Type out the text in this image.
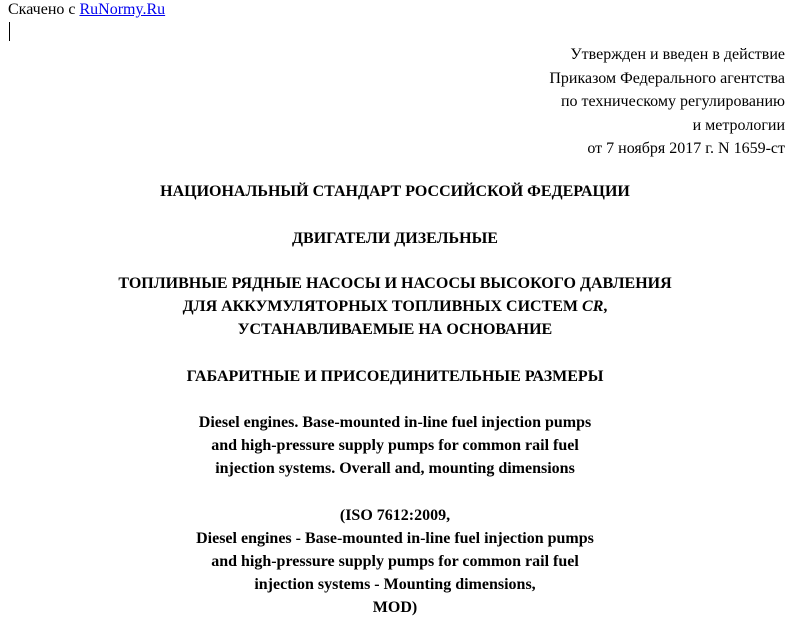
Скачено с RuNormy.Ru
Утвержден и введен в действие
Приказом Федерального агентства
по техническому регулированию
и метрологии
от 7 ноября 2017 г. N 1659-ст
НАЦИОНАЛЬНЫЙ СТАНДАРТ РОССИЙСКОЙ ФЕДЕРАЦИИ
ДВИГАТЕЛИ ДИЗЕЛЬНЫЕ
ТОПЛИВНЫЕ РЯДНЫЕ НАСОСЫ И НАСОСЫ ВЫСОКОГО ДАВЛЕНИЯ
ДЛЯ АККУМУЛЯТОРНЫХ ТОПЛИВНЫХ СИСТЕМ CR,
УСТАНАВЛИВАЕМЫЕ НА ОСНОВАНИЕ
ГАБАРИТНЫЕ И ПРИСОЕДИНИТЕЛЬНЫЕ РАЗМЕРЫ
Diesel engines. Base-mounted in-line fuel injection pumps
and high-pressure supply pumps for common rail fuel
injection systems. Overall and, mounting dimensions
(ISO 7612:2009,
Diesel engines - Base-mounted in-line fuel injection pumps
and high-pressure supply pumps for common rail fuel
injection systems - Mounting dimensions,
MOD)
